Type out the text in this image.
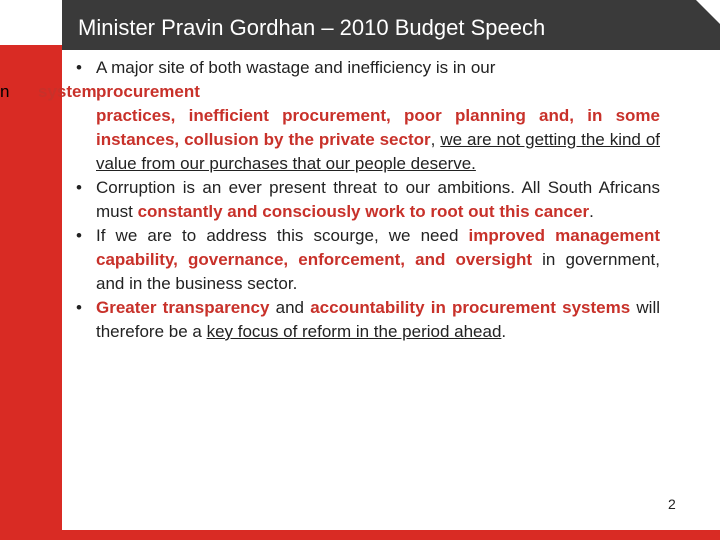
Minister Pravin Gordhan – 2010 Budget Speech
n system
• A major site of both wastage and inefficiency is in our
procurement
practices, inefficient procurement, poor planning and, in some instances, collusion by the private sector, we are not getting the kind of value from our purchases that our people deserve.
• Corruption is an ever present threat to our ambitions. All South Africans must constantly and consciously work to root out this cancer.
• If we are to address this scourge, we need improved management capability, governance, enforcement, and oversight in government, and in the business sector.
• Greater transparency and accountability in procurement systems will therefore be a key focus of reform in the period ahead.
2
